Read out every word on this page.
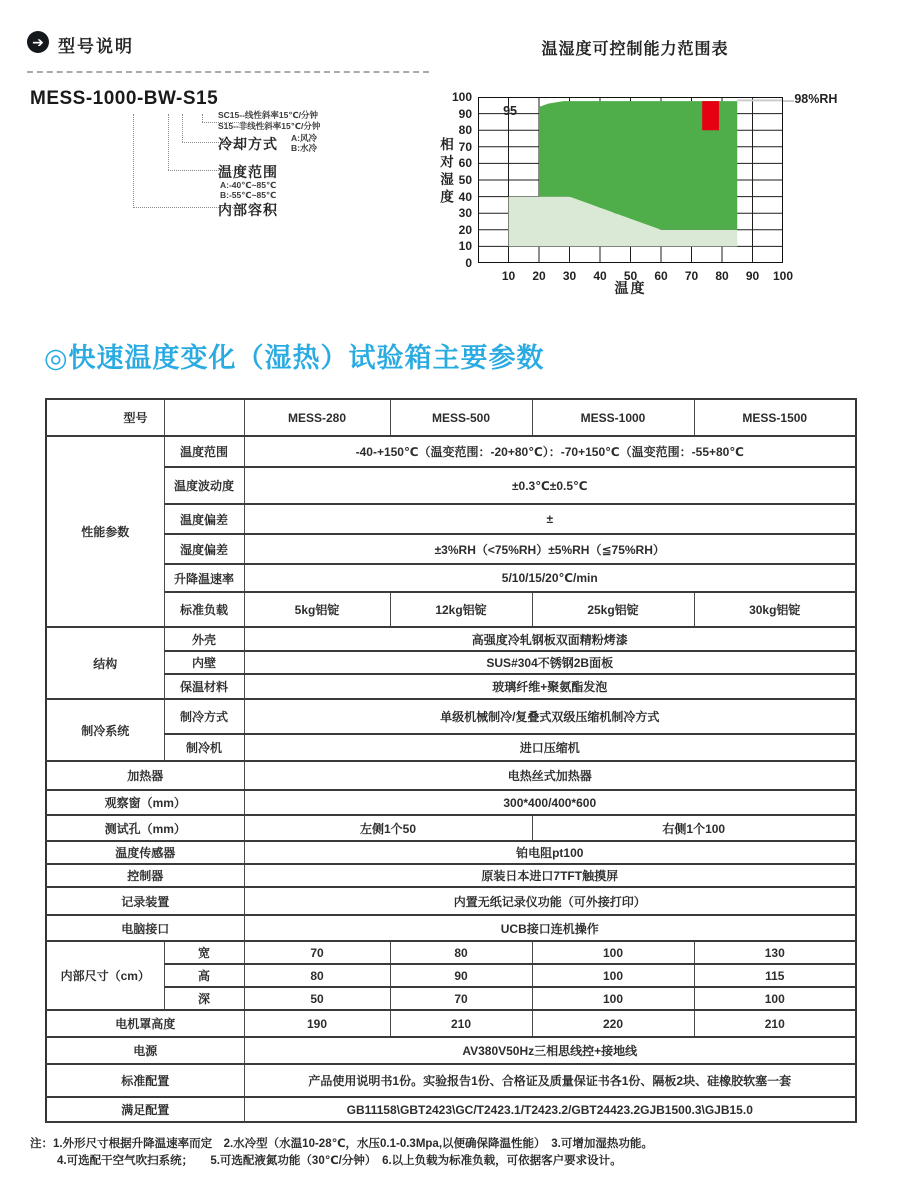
➔ 型号说明	温湿度可控制能力范围表
MESS-1000-BW-S15
SC15--线性斜率15℃/分钟
S15--非线性斜率15℃/分钟
冷却方式 A:风冷
B:水冷
温度范围
A:-40℃~85℃
B:-55℃~85℃
内部容积
相对湿度
温度
10	20	30	40	50	60	70	80	90	100
0
10
20
30
40
50
60
70
80
90
100
95
98%RH
◎快速温度变化（湿热）试验箱主要参数
型号		MESS-280	MESS-500	MESS-1000	MESS-1500
性能参数	温度范围	-40-+150℃（温变范围：-20+80℃）：-70+150℃（温变范围：-55+80℃			
	温度波动度	±0.3℃±0.5℃			
	温度偏差	±			
	湿度偏差	±3%RH（<75%RH）±5%RH（≦75%RH）			
	升降温速率	5/10/15/20℃/min			
	标准负载	5kg铝锭	12kg铝锭	25kg铝锭	30kg铝锭
结构	外壳	高强度冷轧钢板双面精粉烤漆			
	内壁	SUS#304不锈钢2B面板			
	保温材料	玻璃纤维+聚氨酯发泡			
制冷系统	制冷方式	单级机械制冷/复叠式双级压缩机制冷方式			
	制冷机	进口压缩机			
加热器		电热丝式加热器			
观察窗（mm）		300*400/400*600			
测试孔（mm）		左侧1个50		右侧1个100	
温度传感器		铂电阻pt100			
控制器		原装日本进口7TFT触摸屏			
记录装置		内置无纸记录仪功能（可外接打印）			
电脑接口		UCB接口连机操作			
内部尺寸（cm）	宽	70	80	100	130
	高	80	90	100	115
	深	50	70	100	100
电机罩高度		190	210	220	210
电源		AV380V50Hz三相思线控+接地线			
标准配置		产品使用说明书1份。实验报告1份、合格证及质量保证书各1份、隔板2块、硅橡胶软塞一套			
满足配置		GB11158\GBT2423\GC/T2423.1/T2423.2/GBT24423.2GJB1500.3\GJB15.0			
注：1.外形尺寸根据升降温速率而定　2.水冷型（水温10-28℃，水压0.1-0.3Mpa,以便确保降温性能）　3.可增加湿热功能。
4.可选配干空气吹扫系统；　　5.可选配液氮功能（30℃/分钟）　6.以上负载为标准负载，可依据客户要求设计。
